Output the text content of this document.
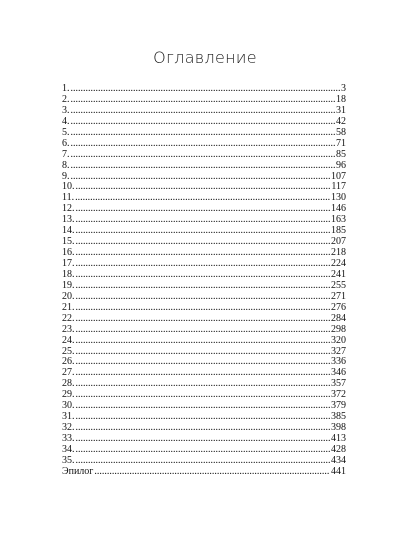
Оглавление
1. .....	3
2. .....	18
3. .....	31
4. .....	42
5. .....	58
6. .....	71
7. .....	85
8. .....	96
9. .....	107
10. .....	117
11. .....	130
12. .....	146
13. .....	163
14. .....	185
15. .....	207
16. .....	218
17. .....	224
18. .....	241
19. .....	255
20. .....	271
21. .....	276
22. .....	284
23. .....	298
24. .....	320
25. .....	327
26. .....	336
27. .....	346
28. .....	357
29. .....	372
30. .....	379
31. .....	385
32. .....	398
33. .....	413
34. .....	428
35. .....	434
Эпилог .....	441
